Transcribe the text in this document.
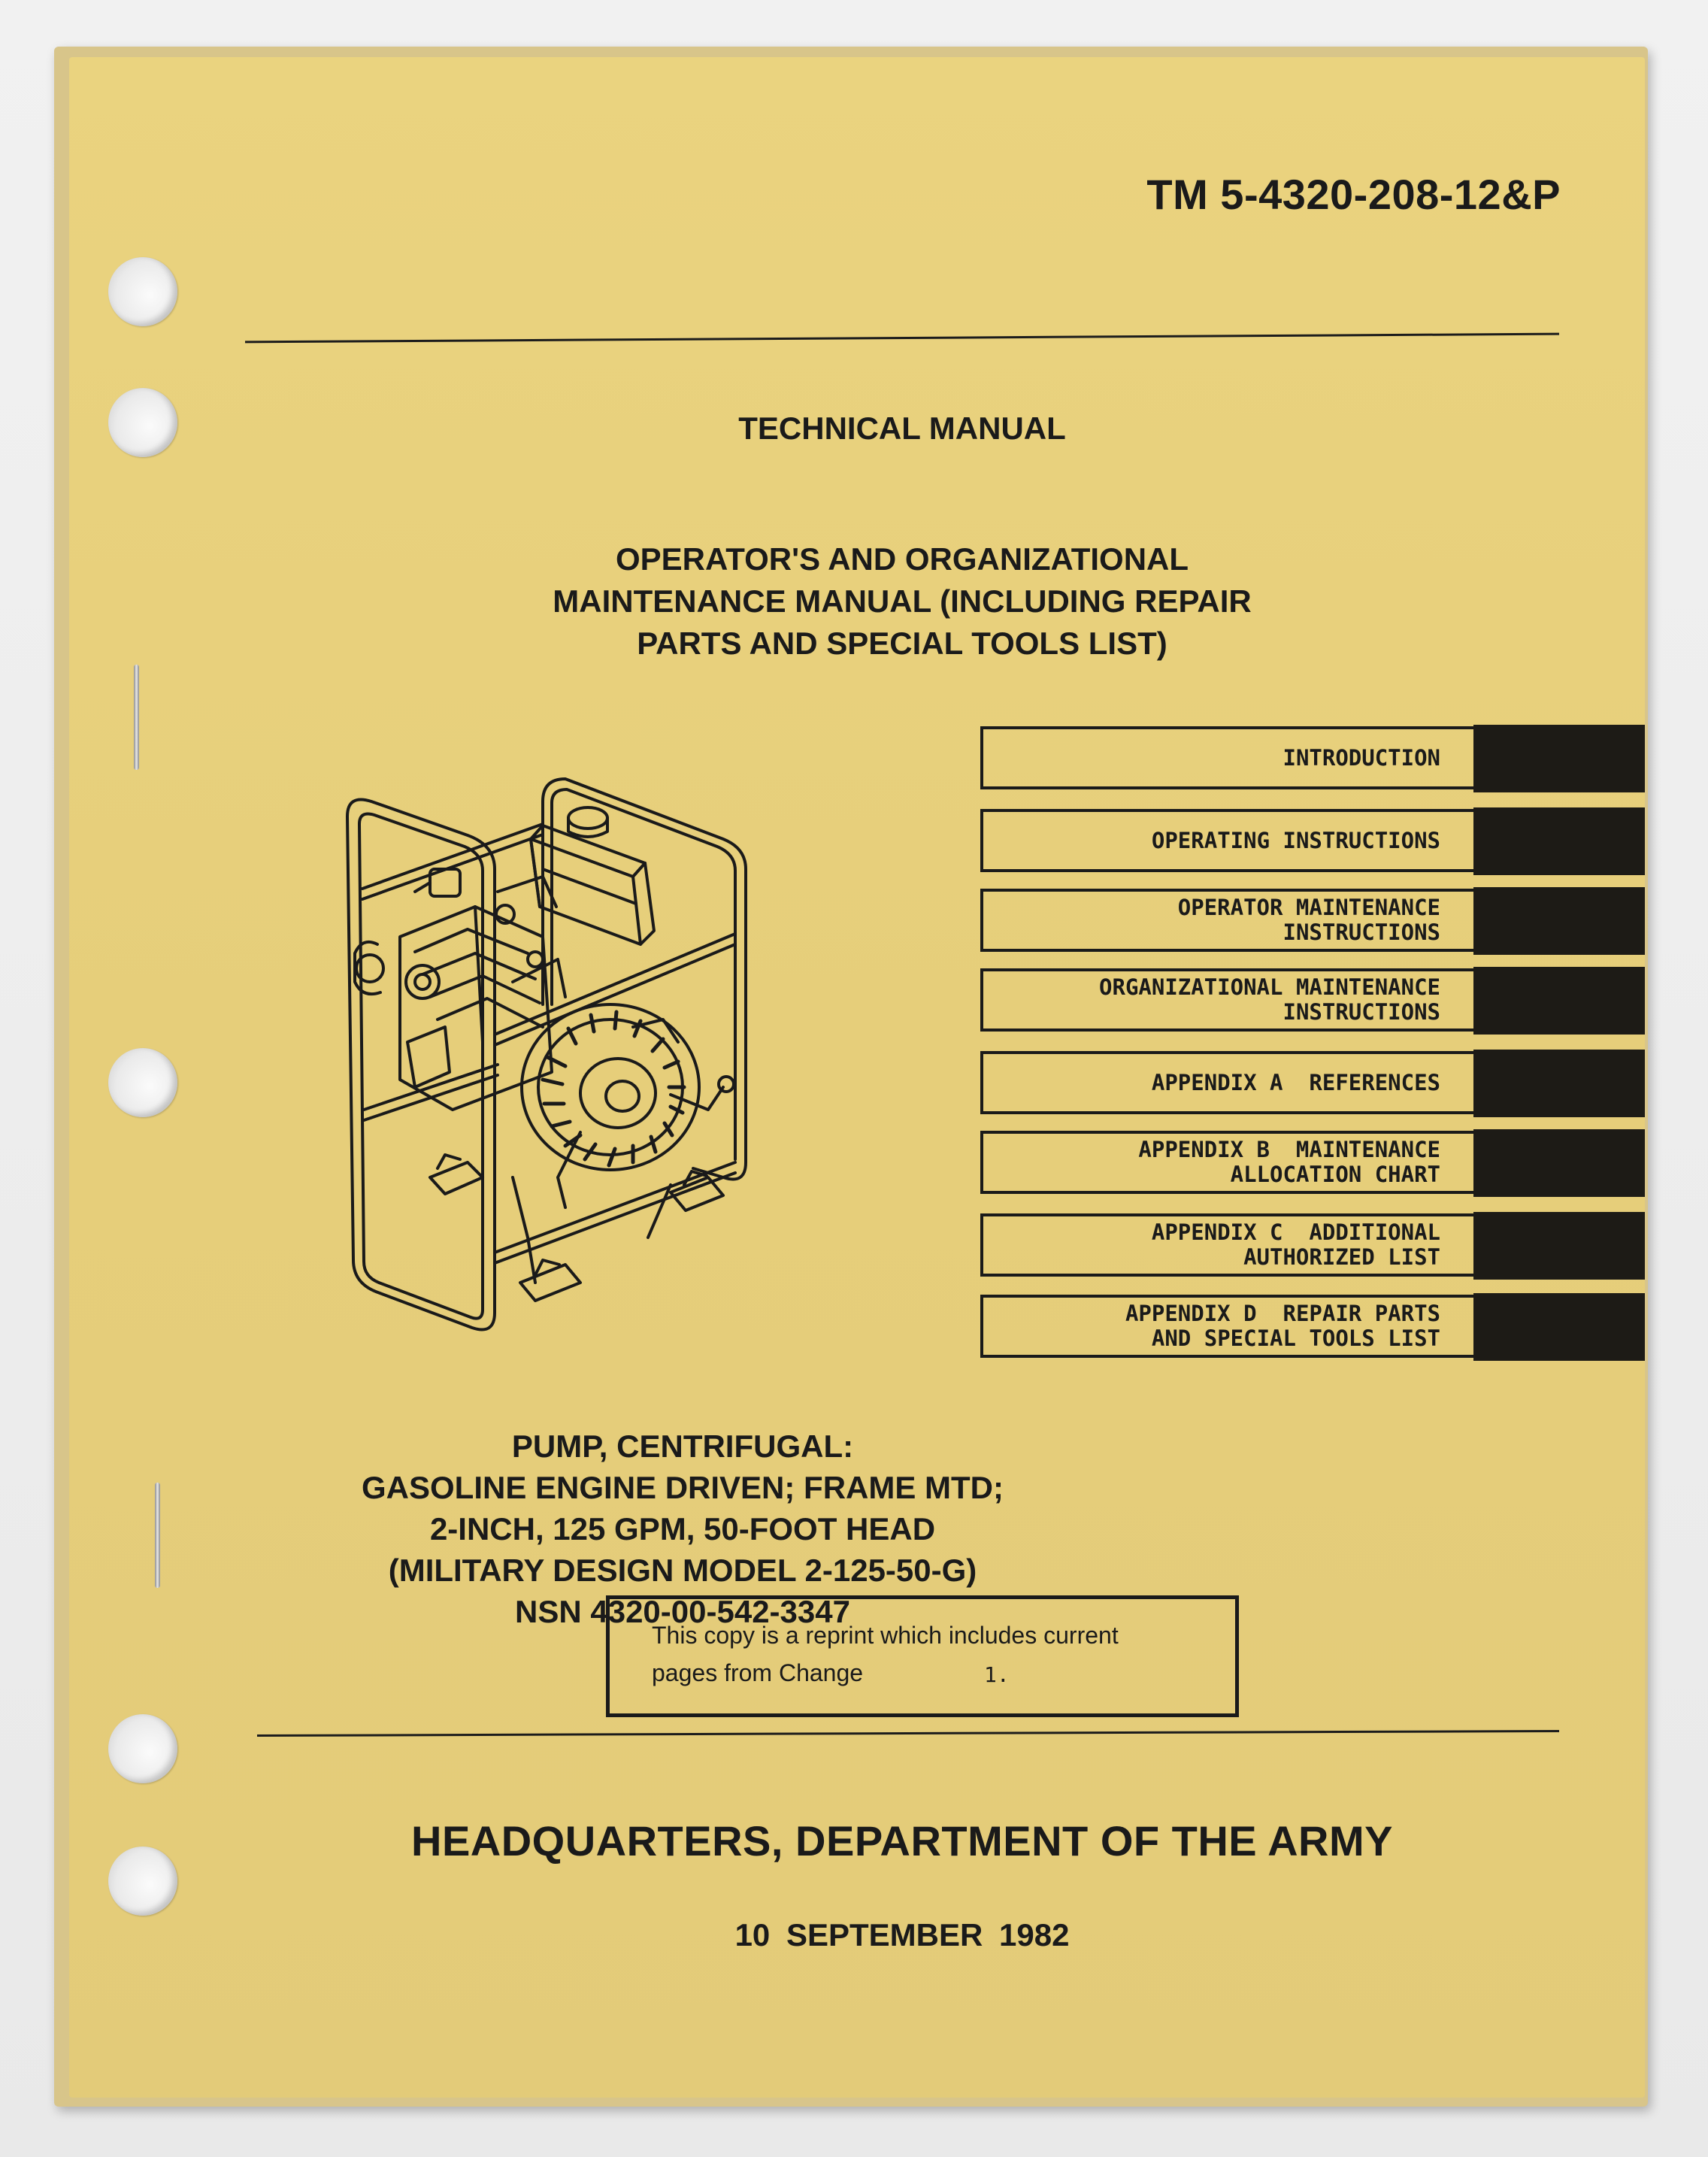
TM 5-4320-208-12&P
TECHNICAL MANUAL
OPERATOR'S AND ORGANIZATIONAL
MAINTENANCE MANUAL (INCLUDING REPAIR
PARTS AND SPECIAL TOOLS LIST)
INTRODUCTION
OPERATING INSTRUCTIONS
OPERATOR MAINTENANCE
INSTRUCTIONS
ORGANIZATIONAL MAINTENANCE
INSTRUCTIONS
APPENDIX A  REFERENCES
APPENDIX B  MAINTENANCE
ALLOCATION CHART
APPENDIX C  ADDITIONAL
AUTHORIZED LIST
APPENDIX D  REPAIR PARTS
AND SPECIAL TOOLS LIST
PUMP, CENTRIFUGAL:
GASOLINE ENGINE DRIVEN; FRAME MTD;
2-INCH, 125 GPM, 50-FOOT HEAD
(MILITARY DESIGN MODEL 2-125-50-G)
NSN 4320-00-542-3347
This copy is a reprint which includes current
pages from Change	1.
HEADQUARTERS, DEPARTMENT OF THE ARMY
10 SEPTEMBER 1982
